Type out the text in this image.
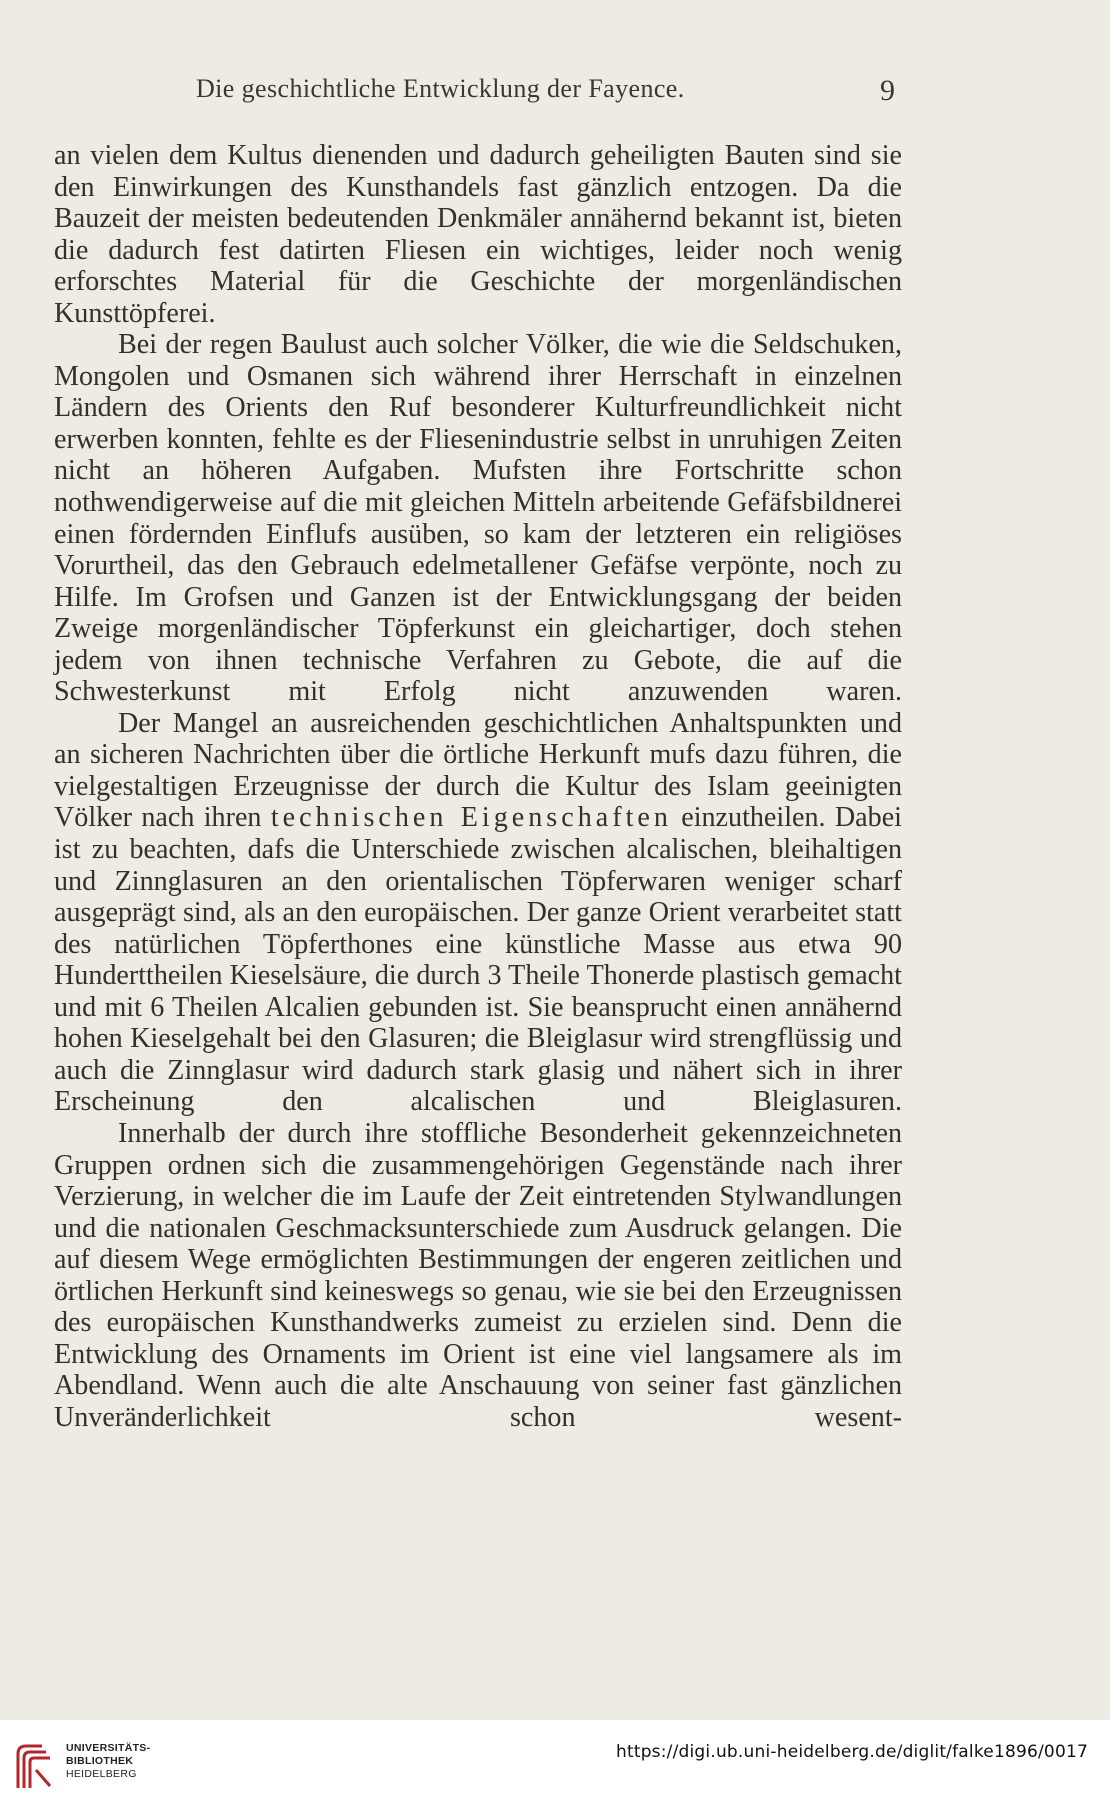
Die geschichtliche Entwicklung der Fayence.	9

an vielen dem Kultus dienenden und dadurch geheiligten Bauten sind sie den Einwirkungen des Kunsthandels fast gänzlich entzogen. Da die Bauzeit der meisten bedeutenden Denkmäler annähernd bekannt ist, bieten die dadurch fest datirten Fliesen ein wichtiges, leider noch wenig erforschtes Material für die Geschichte der morgenländischen Kunsttöpferei.

Bei der regen Baulust auch solcher Völker, die wie die Seldschuken, Mongolen und Osmanen sich während ihrer Herrschaft in einzelnen Ländern des Orients den Ruf besonderer Kulturfreundlichkeit nicht erwerben konnten, fehlte es der Fliesenindustrie selbst in unruhigen Zeiten nicht an höheren Aufgaben. Mufsten ihre Fortschritte schon nothwendigerweise auf die mit gleichen Mitteln arbeitende Gefäfsbildnerei einen fördernden Einflufs ausüben, so kam der letzteren ein religiöses Vorurtheil, das den Gebrauch edelmetallener Gefäfse verpönte, noch zu Hilfe. Im Grofsen und Ganzen ist der Entwicklungsgang der beiden Zweige morgenländischer Töpferkunst ein gleichartiger, doch stehen jedem von ihnen technische Verfahren zu Gebote, die auf die Schwesterkunst mit Erfolg nicht anzuwenden waren.

Der Mangel an ausreichenden geschichtlichen Anhaltspunkten und an sicheren Nachrichten über die örtliche Herkunft mufs dazu führen, die vielgestaltigen Erzeugnisse der durch die Kultur des Islam geeinigten Völker nach ihren technischen Eigenschaften einzutheilen. Dabei ist zu beachten, dafs die Unterschiede zwischen alcalischen, bleihaltigen und Zinnglasuren an den orientalischen Töpferwaren weniger scharf ausgeprägt sind, als an den europäischen. Der ganze Orient verarbeitet statt des natürlichen Töpferthones eine künstliche Masse aus etwa 90 Hunderttheilen Kieselsäure, die durch 3 Theile Thonerde plastisch gemacht und mit 6 Theilen Alcalien gebunden ist. Sie beansprucht einen annähernd hohen Kieselgehalt bei den Glasuren; die Bleiglasur wird strengflüssig und auch die Zinnglasur wird dadurch stark glasig und nähert sich in ihrer Erscheinung den alcalischen und Bleiglasuren.

Innerhalb der durch ihre stoffliche Besonderheit gekennzeichneten Gruppen ordnen sich die zusammengehörigen Gegenstände nach ihrer Verzierung, in welcher die im Laufe der Zeit eintretenden Stylwandlungen und die nationalen Geschmacksunterschiede zum Ausdruck gelangen. Die auf diesem Wege ermöglichten Bestimmungen der engeren zeitlichen und örtlichen Herkunft sind keineswegs so genau, wie sie bei den Erzeugnissen des europäischen Kunsthandwerks zumeist zu erzielen sind. Denn die Entwicklung des Ornaments im Orient ist eine viel langsamere als im Abendland. Wenn auch die alte Anschauung von seiner fast gänzlichen Unveränderlichkeit schon wesent-

UNIVERSITÄTS-
BIBLIOTHEK
HEIDELBERG
https://digi.ub.uni-heidelberg.de/diglit/falke1896/0017
